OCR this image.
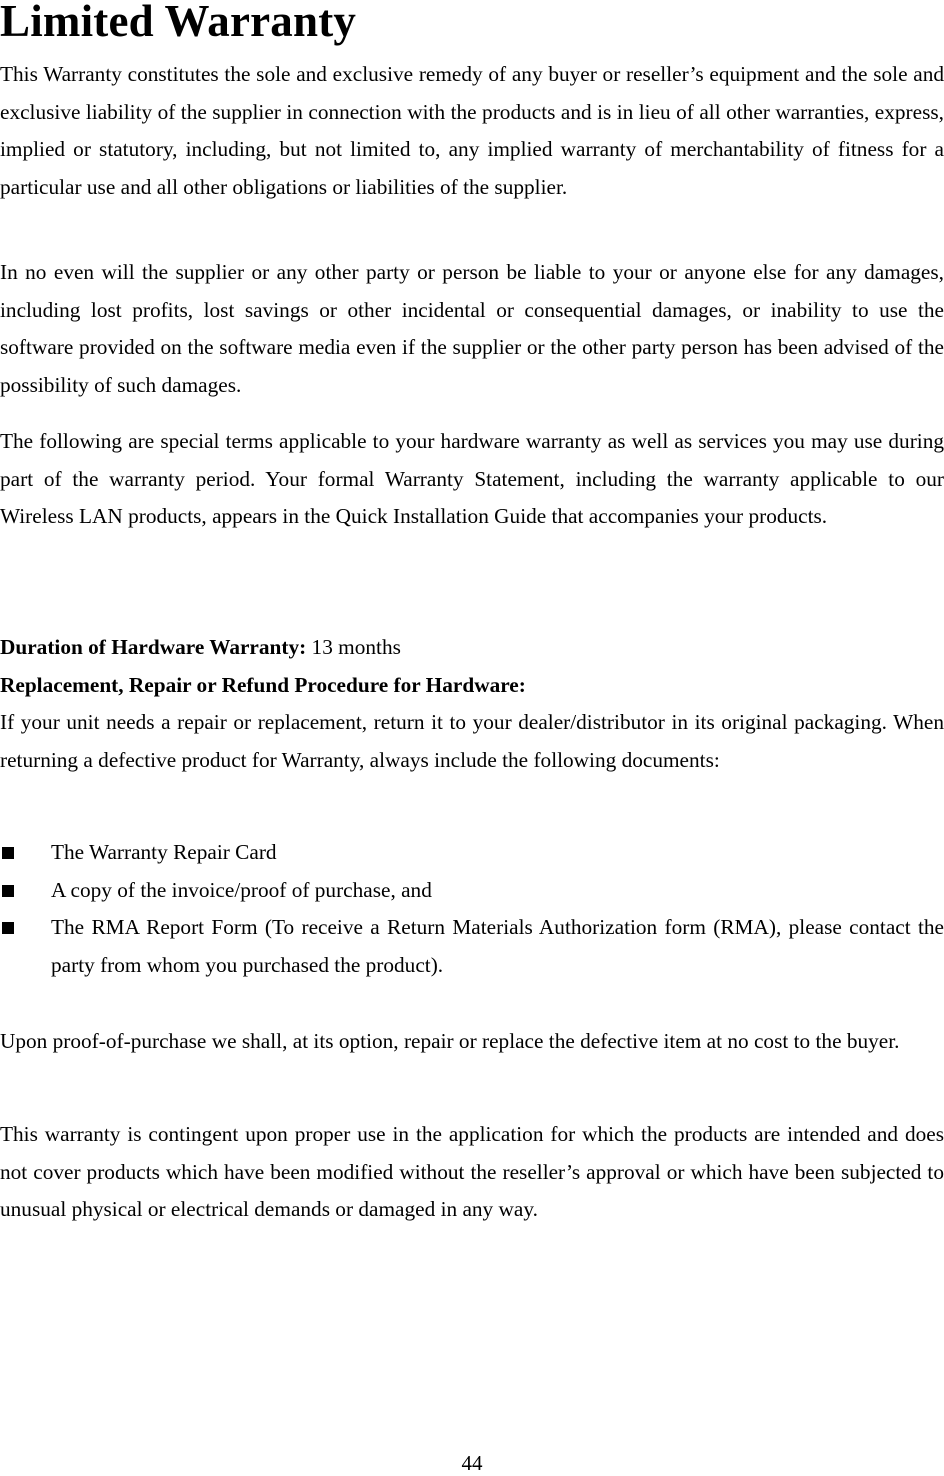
Limited Warranty

This Warranty constitutes the sole and exclusive remedy of any buyer or reseller’s equipment and the sole and exclusive liability of the supplier in connection with the products and is in lieu of all other warranties, express, implied or statutory, including, but not limited to, any implied warranty of merchantability of fitness for a particular use and all other obligations or liabilities of the supplier.

In no even will the supplier or any other party or person be liable to your or anyone else for any damages, including lost profits, lost savings or other incidental or consequential damages, or inability to use the software provided on the software media even if the supplier or the other party person has been advised of the possibility of such damages.

The following are special terms applicable to your hardware warranty as well as services you may use during part of the warranty period. Your formal Warranty Statement, including the warranty applicable to our Wireless LAN products, appears in the Quick Installation Guide that accompanies your products.

Duration of Hardware Warranty: 13 months
Replacement, Repair or Refund Procedure for Hardware:

If your unit needs a repair or replacement, return it to your dealer/distributor in its original packaging. When returning a defective product for Warranty, always include the following documents:

The Warranty Repair Card
A copy of the invoice/proof of purchase, and
The RMA Report Form (To receive a Return Materials Authorization form (RMA), please contact the party from whom you purchased the product).

Upon proof-of-purchase we shall, at its option, repair or replace the defective item at no cost to the buyer.

This warranty is contingent upon proper use in the application for which the products are intended and does not cover products which have been modified without the reseller’s approval or which have been subjected to unusual physical or electrical demands or damaged in any way.

44
